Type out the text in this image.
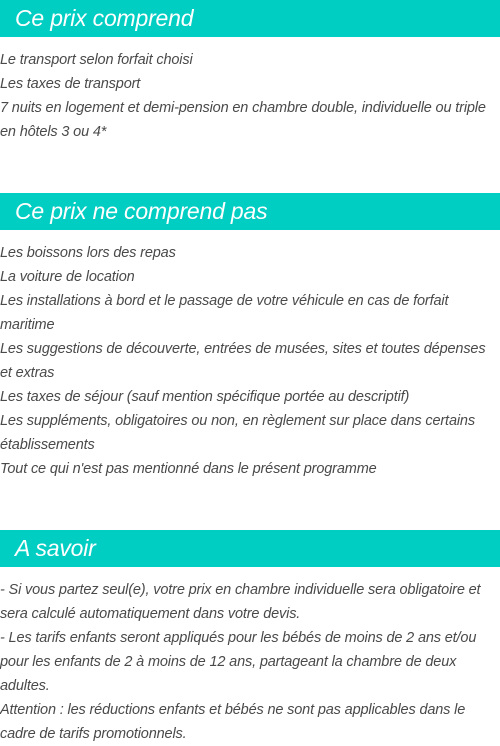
Ce prix comprend
Le transport selon forfait choisi
Les taxes de transport
7 nuits en logement et demi-pension en chambre double, individuelle ou triple en hôtels 3 ou 4*
Ce prix ne comprend pas
Les boissons lors des repas
La voiture de location
Les installations à bord et le passage de votre véhicule en cas de forfait maritime
Les suggestions de découverte, entrées de musées, sites et toutes dépenses et extras
Les taxes de séjour (sauf mention spécifique portée au descriptif)
Les suppléments, obligatoires ou non, en règlement sur place dans certains établissements
Tout ce qui n'est pas mentionné dans le présent programme
A savoir
- Si vous partez seul(e), votre prix en chambre individuelle sera obligatoire et sera calculé automatiquement dans votre devis.
- Les tarifs enfants seront appliqués pour les bébés de moins de 2 ans et/ou pour les enfants de 2 à moins de 12 ans, partageant la chambre de deux adultes.
Attention : les réductions enfants et bébés ne sont pas applicables dans le cadre de tarifs promotionnels.
